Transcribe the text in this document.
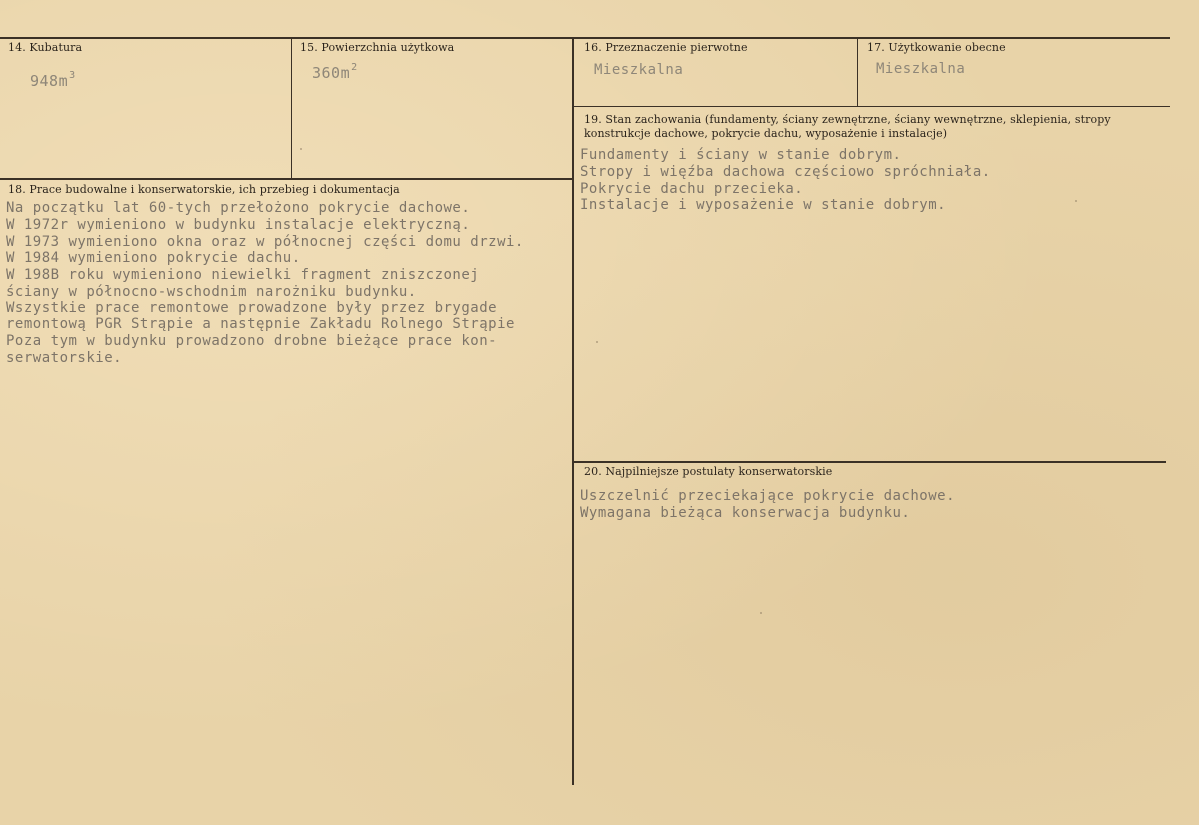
14. Kubatura
$948m^3$
15. Powierzchnia użytkowa
$360m^2$
16. Przeznaczenie pierwotne
Mieszkalna
17. Użytkowanie obecne
Mieszkalna
19. Stan zachowania (fundamenty, ściany zewnętrzne, ściany wewnętrzne, sklepienia, stropy konstrukcje dachowe, pokrycie dachu, wyposażenie i instalacje)
Fundamenty i ściany w stanie dobrym.
Stropy i więźba dachowa częściowo spróchniała.
Pokrycie dachu przecieka.
Instalacje i wyposażenie w stanie dobrym.
18. Prace budowalne i konserwatorskie, ich przebieg i dokumentacja
Na początku lat 60-tych przełożono pokrycie dachowe.
W 1972r wymieniono w budynku instalacje elektryczną.
W 1973 wymieniono okna oraz w północnej części domu drzwi.
W 1984 wymieniono pokrycie dachu.
W 198B roku wymieniono niewielki fragment zniszczonej
ściany w północno-wschodnim narożniku budynku.
Wszystkie prace remontowe prowadzone były przez brygade
remontową PGR Strąpie a następnie Zakładu Rolnego Strąpie
Poza tym w budynku prowadzono drobne bieżące prace kon-
serwatorskie.
20. Najpilniejsze postulaty konserwatorskie
Uszczelnić przeciekające pokrycie dachowe.
Wymagana bieżąca konserwacja budynku.
